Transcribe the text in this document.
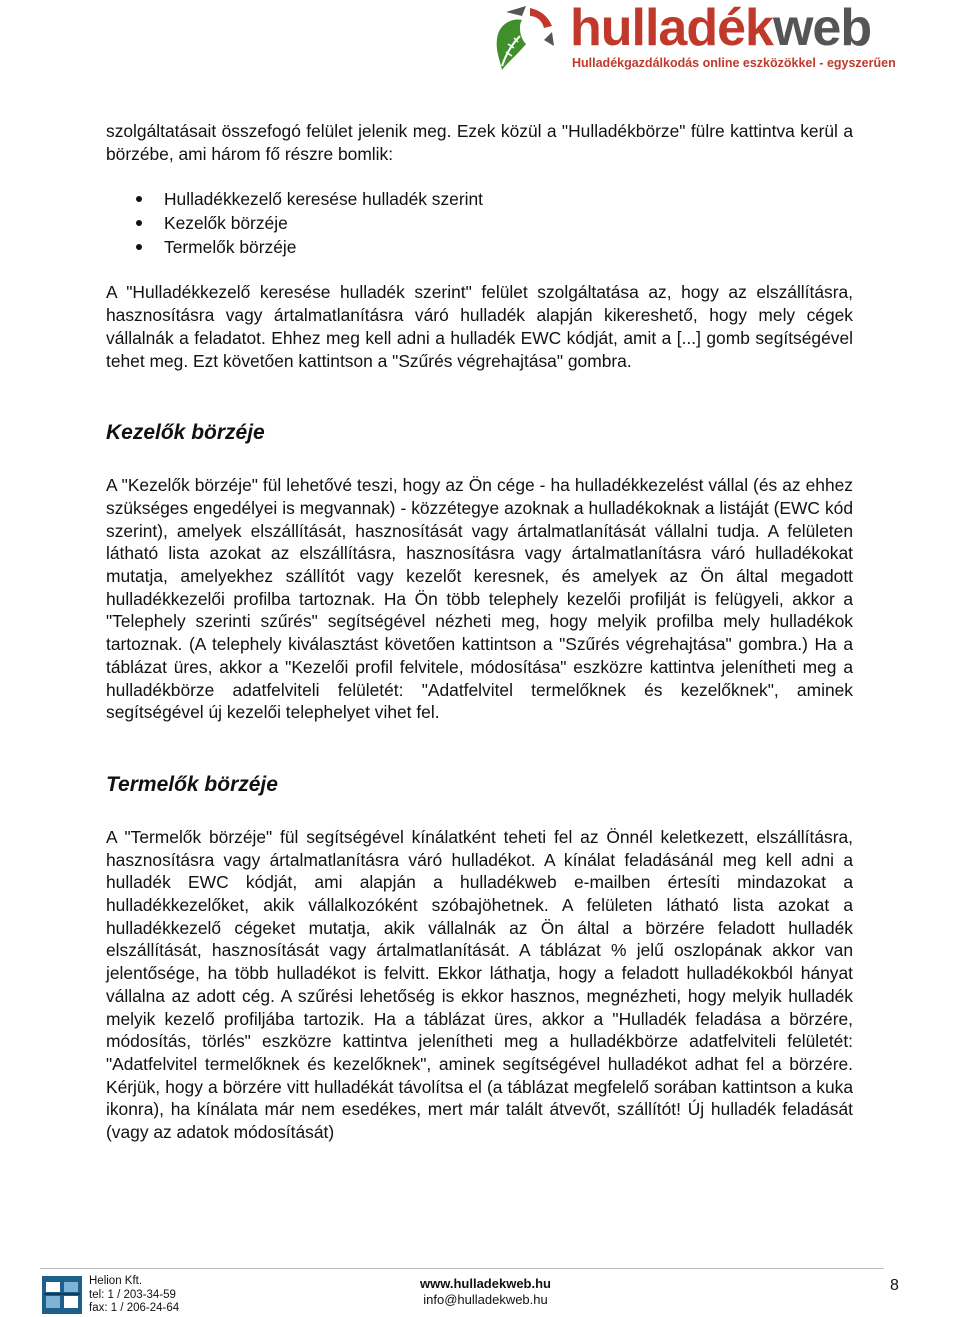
hulladékweb
Hulladékgazdálkodás online eszközökkel - egyszerűen

szolgáltatásait összefogó felület jelenik meg. Ezek közül a "Hulladékbörze" fülre kattintva kerül a börzébe, ami három fő részre bomlik:

Hulladékkezelő keresése hulladék szerint
Kezelők börzéje
Termelők börzéje

A "Hulladékkezelő keresése hulladék szerint" felület szolgáltatása az, hogy az elszállításra, hasznosításra vagy ártalmatlanításra váró hulladék alapján kikereshető, hogy mely cégek vállalnák a feladatot. Ehhez meg kell adni a hulladék EWC kódját, amit a [...] gomb segítségével tehet meg. Ezt követően kattintson a "Szűrés végrehajtása" gombra.

Kezelők börzéje

A "Kezelők börzéje" fül lehetővé teszi, hogy az Ön cége - ha hulladékkezelést vállal (és az ehhez szükséges engedélyei is megvannak) - közzétegye azoknak a hulladékoknak a listáját (EWC kód szerint), amelyek elszállítását, hasznosítását vagy ártalmatlanítását vállalni tudja. A felületen látható lista azokat az elszállításra, hasznosításra vagy ártalmatlanításra váró hulladékokat mutatja, amelyekhez szállítót vagy kezelőt keresnek, és amelyek az Ön által megadott hulladékkezelői profilba tartoznak. Ha Ön több telephely kezelői profilját is felügyeli, akkor a "Telephely szerinti szűrés" segítségével nézheti meg, hogy melyik profilba mely hulladékok tartoznak. (A telephely kiválasztást követően kattintson a "Szűrés végrehajtása" gombra.) Ha a táblázat üres, akkor a "Kezelői profil felvitele, módosítása" eszközre kattintva jelenítheti meg a hulladékbörze adatfelviteli felületét: "Adatfelvitel termelőknek és kezelőknek", aminek segítségével új kezelői telephelyet vihet fel.

Termelők börzéje

A "Termelők börzéje" fül segítségével kínálatként teheti fel az Önnél keletkezett, elszállításra, hasznosításra vagy ártalmatlanításra váró hulladékot. A kínálat feladásánál meg kell adni a hulladék EWC kódját, ami alapján a hulladékweb e-mailben értesíti mindazokat a hulladékkezelőket, akik vállalkozóként szóbajöhetnek. A felületen látható lista azokat a hulladékkezelő cégeket mutatja, akik vállalnák az Ön által a börzére feladott hulladék elszállítását, hasznosítását vagy ártalmatlanítását. A táblázat % jelű oszlopának akkor van jelentősége, ha több hulladékot is felvitt. Ekkor láthatja, hogy a feladott hulladékokból hányat vállalna az adott cég. A szűrési lehetőség is ekkor hasznos, megnézheti, hogy melyik hulladék melyik kezelő profiljába tartozik. Ha a táblázat üres, akkor a "Hulladék feladása a börzére, módosítás, törlés" eszközre kattintva jelenítheti meg a hulladékbörze adatfelviteli felületét: "Adatfelvitel termelőknek és kezelőknek", aminek segítségével hulladékot adhat fel a börzére. Kérjük, hogy a börzére vitt hulladékát távolítsa el (a táblázat megfelelő sorában kattintson a kuka ikonra), ha kínálata már nem esedékes, mert már talált átvevőt, szállítót! Új hulladék feladását (vagy az adatok módosítását)

Helion Kft.
tel: 1 / 203-34-59
fax: 1 / 206-24-64
www.hulladekweb.hu
info@hulladekweb.hu
8
